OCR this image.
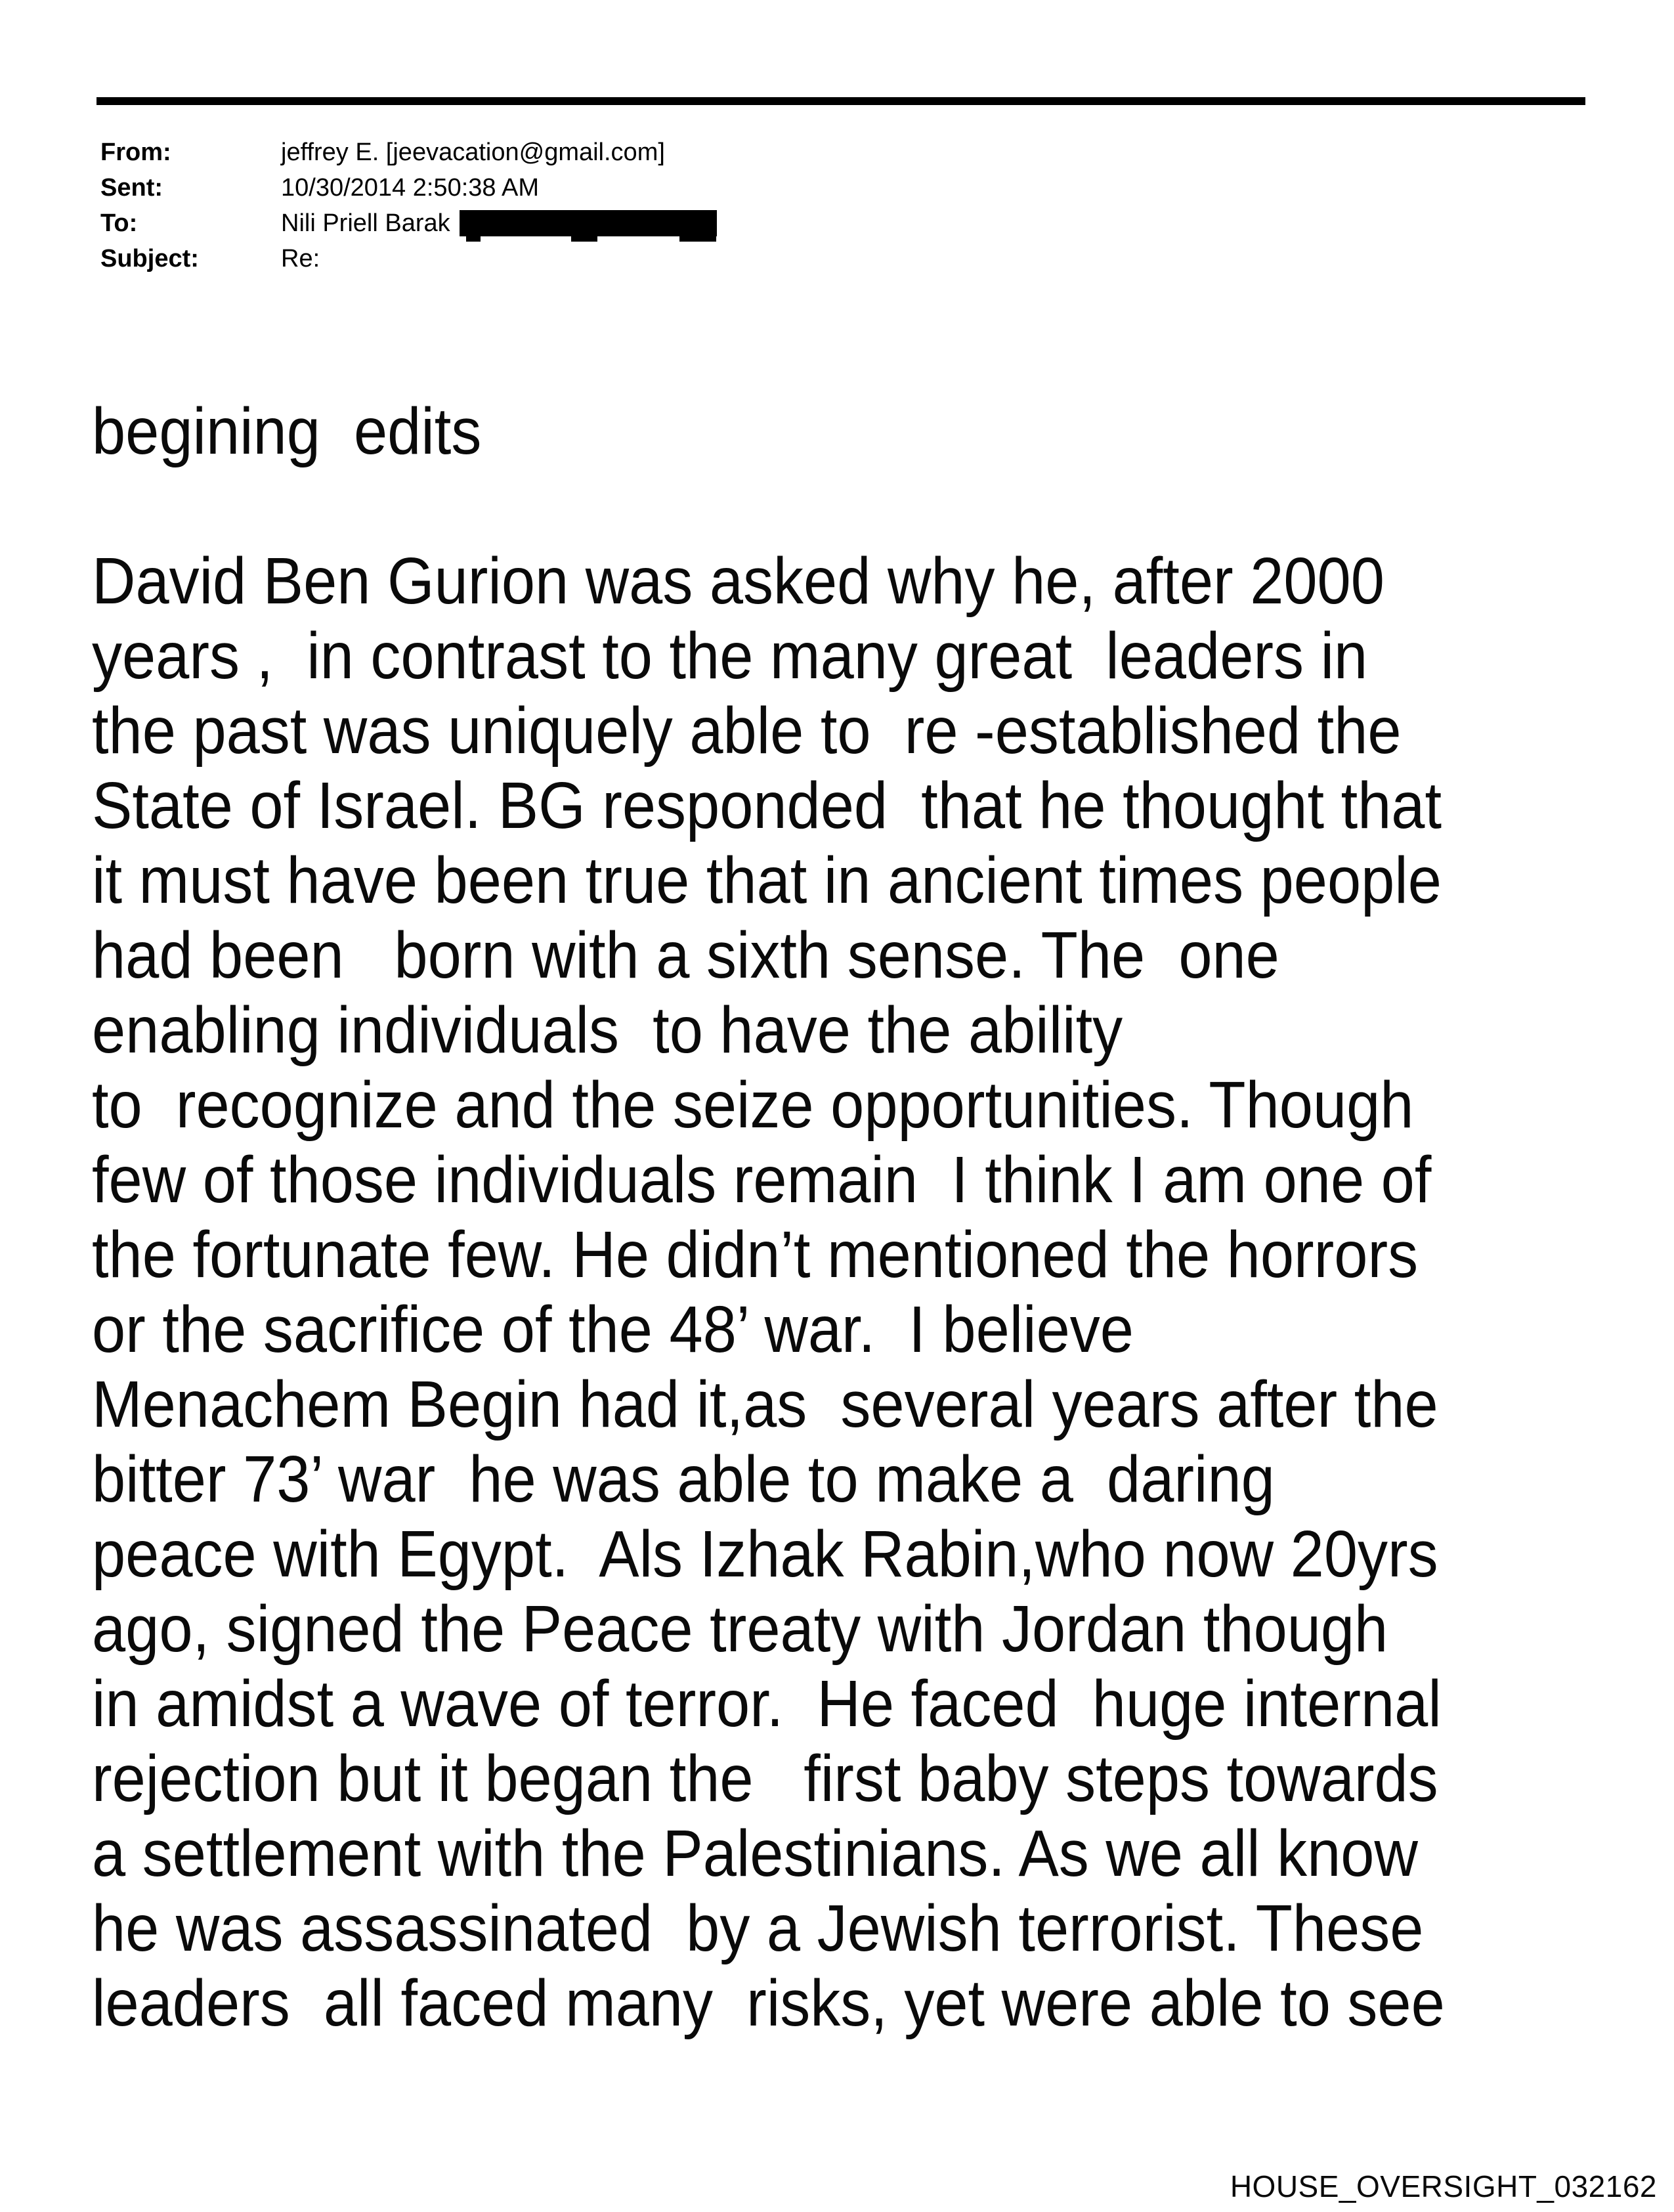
From:	jeffrey E. [jeevacation@gmail.com]
Sent:	10/30/2014 2:50:38 AM
To:	Nili Priell Barak

Subject:	Re:
begining  edits
David Ben Gurion was asked why he, after 2000
years ,  in contrast to the many great  leaders in
the past was uniquely able to  re -established the
State of Israel. BG responded  that he thought that
it must have been true that in ancient times people
had been   born with a sixth sense. The  one
enabling individuals  to have the ability
to  recognize and the seize opportunities. Though
few of those individuals remain  I think I am one of
the fortunate few. He didn’t mentioned the horrors
or the sacrifice of the 48’ war.  I believe
Menachem Begin had it,as  several years after the
bitter 73’ war  he was able to make a  daring
peace with Egypt.  Als Izhak Rabin,who now 20yrs
ago, signed the Peace treaty with Jordan though
in amidst a wave of terror.  He faced  huge internal
rejection but it began the   first baby steps towards
a settlement with the Palestinians. As we all know
he was assassinated  by a Jewish terrorist. These
leaders  all faced many  risks, yet were able to see
HOUSE_OVERSIGHT_032162
